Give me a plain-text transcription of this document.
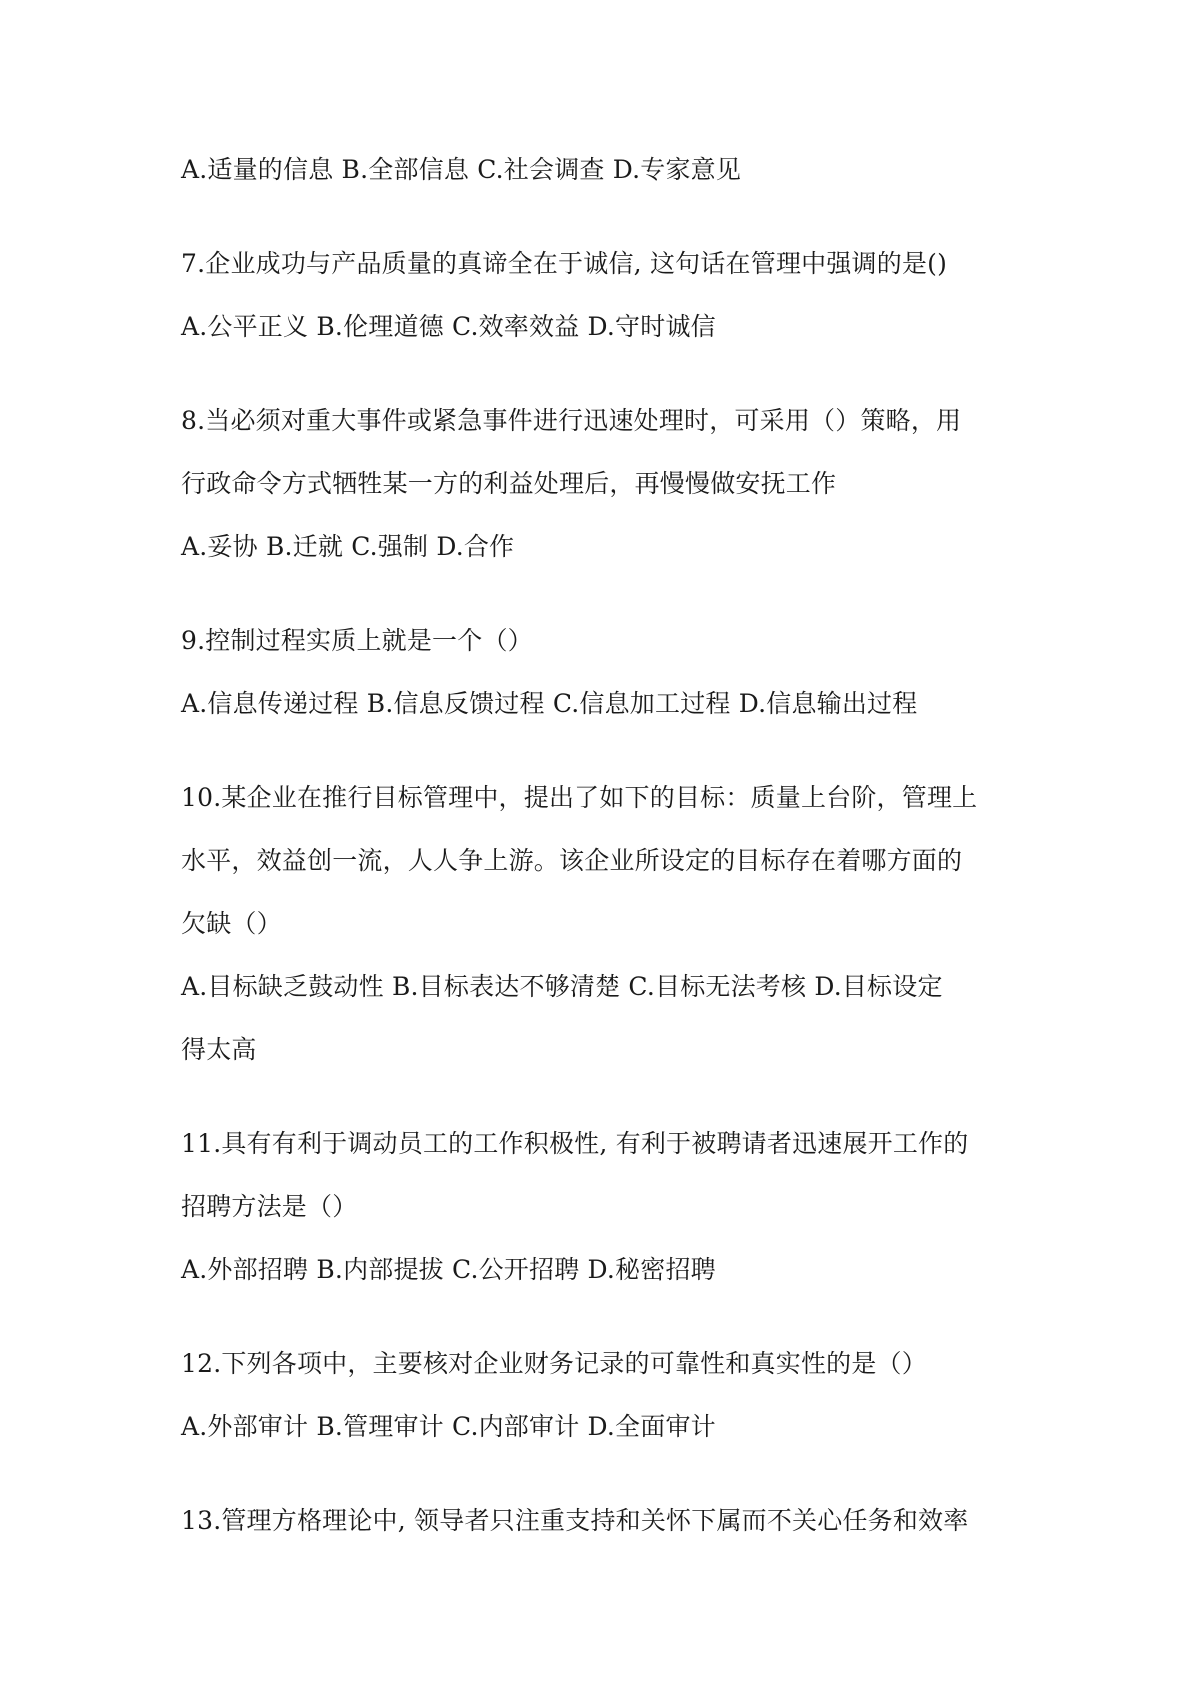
A.适量的信息 B.全部信息 C.社会调查 D.专家意见
7.企业成功与产品质量的真谛全在于诚信, 这句话在管理中强调的是()
A.公平正义 B.伦理道德 C.效率效益 D.守时诚信
8.当必须对重大事件或紧急事件进行迅速处理时，可采用（）策略，用
行政命令方式牺牲某一方的利益处理后，再慢慢做安抚工作
A.妥协 B.迁就 C.强制 D.合作
9.控制过程实质上就是一个（）
A.信息传递过程 B.信息反馈过程 C.信息加工过程 D.信息输出过程
10.某企业在推行目标管理中，提出了如下的目标：质量上台阶，管理上
水平，效益创一流，人人争上游。该企业所设定的目标存在着哪方面的
欠缺（）
A.目标缺乏鼓动性 B.目标表达不够清楚 C.目标无法考核 D.目标设定
得太高
11.具有有利于调动员工的工作积极性, 有利于被聘请者迅速展开工作的
招聘方法是（）
A.外部招聘 B.内部提拔 C.公开招聘 D.秘密招聘
12.下列各项中，主要核对企业财务记录的可靠性和真实性的是（）
A.外部审计 B.管理审计 C.内部审计 D.全面审计
13.管理方格理论中, 领导者只注重支持和关怀下属而不关心任务和效率
